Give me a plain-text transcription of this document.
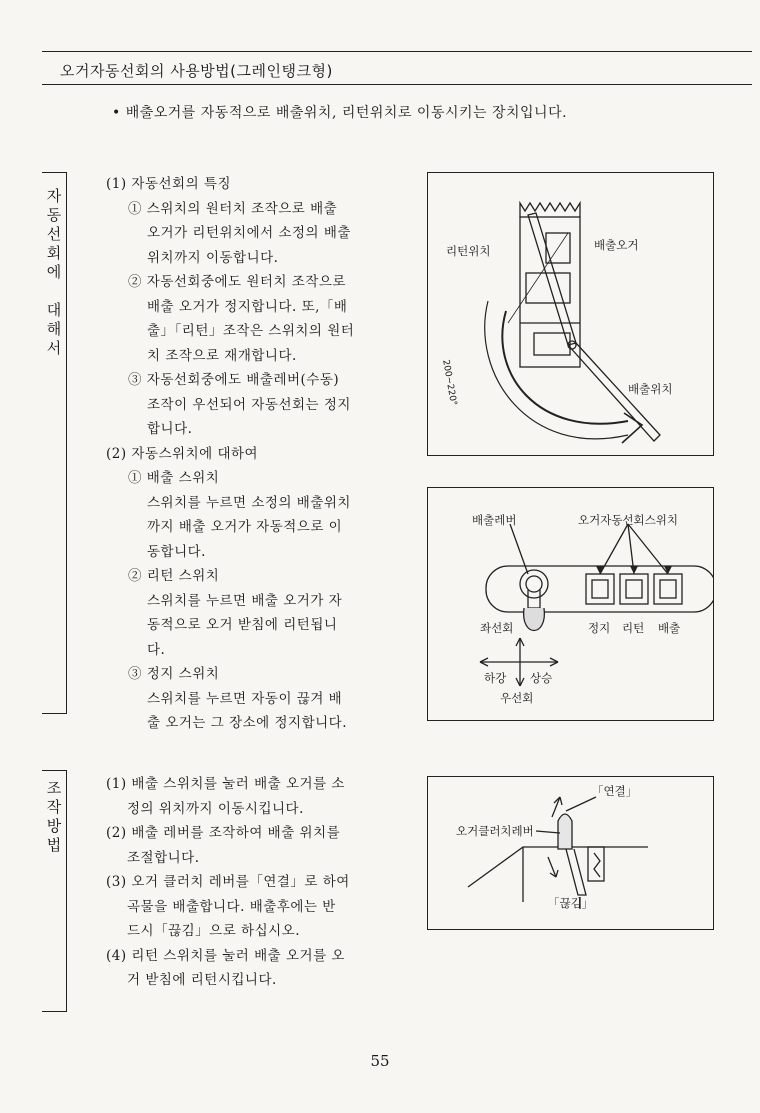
오거자동선회의 사용방법(그레인탱크형)
• 배출오거를 자동적으로 배출위치, 리턴위치로 이동시키는 장치입니다.
자
동
선
회
에
대
해
서
조
작
방
법
(1) 자동선회의 특징
① 스위치의 원터치 조작으로 배출
오거가 리턴위치에서 소정의 배출
위치까지 이동합니다.
② 자동선회중에도 원터치 조작으로
배출 오거가 정지합니다. 또,「배
출」「리턴」조작은 스위치의 원터
치 조작으로 재개합니다.
③ 자동선회중에도 배출레버(수동)
조작이 우선되어 자동선회는 정지
합니다.
(2) 자동스위치에 대하여
① 배출 스위치
스위치를 누르면 소정의 배출위치
까지 배출 오거가 자동적으로 이
동합니다.
② 리턴 스위치
스위치를 누르면 배출 오거가 자
동적으로 오거 받침에 리턴됩니
다.
③ 정지 스위치
스위치를 누르면 자동이 끊겨 배
출 오거는 그 장소에 정지합니다.
(1) 배출 스위치를 눌러 배출 오거를 소
정의 위치까지 이동시킵니다.
(2) 배출 레버를 조작하여 배출 위치를
조절합니다.
(3) 오거 클러치 레버를「연결」로 하여
곡물을 배출합니다. 배출후에는 반
드시「끊김」으로 하십시오.
(4) 리턴 스위치를 눌러 배출 오거를 오
거 받침에 리턴시킵니다.
리턴위치	배출오거
배출위치
200~220°
배출레버	오거자동선회스위치
좌선회
하강 상승
우선회
정지 리턴 배출
「연결」
오거클러치레버
「끊김」
55
